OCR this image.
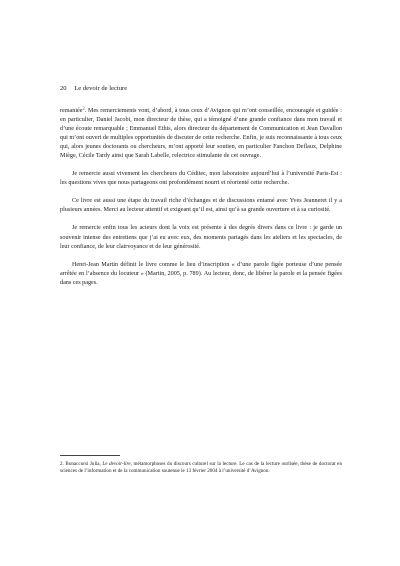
20 Le devoir de lecture

remaniée$^2$. Mes remerciements vont, d’abord, à tous ceux d’Avignon qui m’ont conseillée, encouragée et guidée : en particulier, Daniel Jacobi, mon directeur de thèse, qui a témoigné d’une grande confiance dans mon travail et d’une écoute remarquable ; Emmanuel Ethis, alors directeur du département de Communication et Jean Davallon qui m’ont ouvert de multiples opportunités de discuter de cette recherche. Enfin, je suis reconnaissante à tous ceux qui, alors jeunes doctorants ou chercheurs, m’ont apporté leur soutien, en particulier Fanchon Deflaux, Delphine Miège, Cécile Tardy ainsi que Sarah Labelle, relectrice stimulante de cet ouvrage.

Je remercie aussi vivement les chercheurs du Céditec, mon laboratoire aujourd’hui à l’université Paris-Est : les questions vives que nous partageons ont profondément nourri et réorienté cette recherche.

Ce livre est aussi une étape du travail riche d’échanges et de discussions entamé avec Yves Jeanneret il y a plusieurs années. Merci au lecteur attentif et exigeant qu’il est, ainsi qu’à sa grande ouverture et à sa curiosité.

Je remercie enfin tous les acteurs dont la voix est présente à des degrés divers dans ce livre : je garde un souvenir intense des entretiens que j’ai eu avec eux, des moments partagés dans les ateliers et les spectacles, de leur confiance, de leur clairvoyance et de leur générosité.

Henri-Jean Martin définit le livre comme le lieu d’inscription « d’une parole figée porteuse d’une pensée arrêtée en l’absence du locuteur » (Martin, 2005, p. 789). Au lecteur, donc, de libérer la parole et la pensée figées dans ces pages.

2. Bonaccorsi Julia, Le devoir-lire, métamorphoses du discours culturel sur la lecture. Le cas de la lecture ourlisée, thèse de doctorat en sciences de l’information et de la communication soutenue le 13 février 2004 à l’université d’Avignon.
